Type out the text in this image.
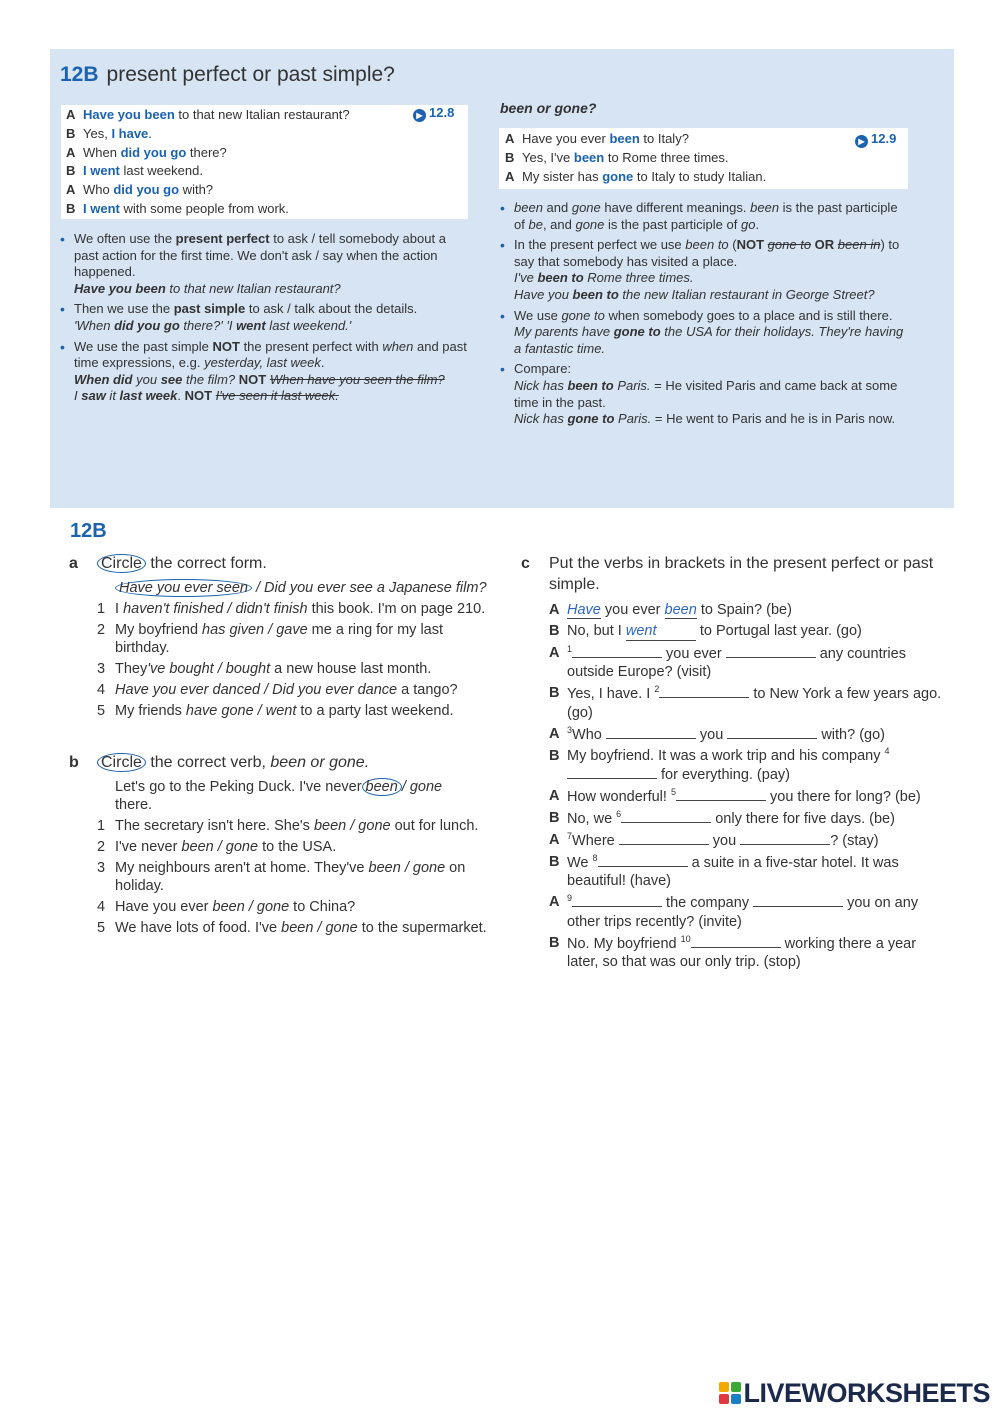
12B present perfect or past simple?
A Have you been to that new Italian restaurant?
B Yes, I have.
A When did you go there?
B I went last weekend.
A Who did you go with?
B I went with some people from work.
▶ 12.8	been or gone?
A Have you ever been to Italy?
B Yes, I've been to Rome three times.
A My sister has gone to Italy to study Italian.
▶ 12.9
• We often use the present perfect to ask / tell somebody about a past action for the first time. We don't ask / say when the action happened.
Have you been to that new Italian restaurant?
• Then we use the past simple to ask / talk about the details.
'When did you go there?' 'I went last weekend.'
• We use the past simple NOT the present perfect with when and past time expressions, e.g. yesterday, last week.
When did you see the film? NOT When have you seen the film?
I saw it last week. NOT I've seen it last week.
• been and gone have different meanings. been is the past participle of be, and gone is the past participle of go.
• In the present perfect we use been to (NOT gone to OR been in) to say that somebody has visited a place.
I've been to Rome three times.
Have you been to the new Italian restaurant in George Street?
• We use gone to when somebody goes to a place and is still there.
My parents have gone to the USA for their holidays. They're having a fantastic time.
• Compare:
Nick has been to Paris. = He visited Paris and came back at some time in the past.
Nick has gone to Paris. = He went to Paris and he is in Paris now.
12B
a Circle the correct form.
Have you ever seen / Did you ever see a Japanese film?
1 I haven't finished / didn't finish this book. I'm on page 210.
2 My boyfriend has given / gave me a ring for my last birthday.
3 They've bought / bought a new house last month.
4 Have you ever danced / Did you ever dance a tango?
5 My friends have gone / went to a party last weekend.
b Circle the correct verb, been or gone.
Let's go to the Peking Duck. I've never been / gone
there.
1 The secretary isn't here. She's been / gone out for lunch.
2 I've never been / gone to the USA.
3 My neighbours aren't at home. They've been / gone on holiday.
4 Have you ever been / gone to China?
5 We have lots of food. I've been / gone to the supermarket.
c Put the verbs in brackets in the present perfect or past simple.
A Have you ever been to Spain? (be)
B No, but I went	to Portugal last year. (go)
A $^1$	you ever	any countries outside Europe? (visit)
B Yes, I have. I $^2$	to New York a few years ago. (go)
A $^3$Who	you	with? (go)
B My boyfriend. It was a work trip and his company $^4$ for everything. (pay)
A How wonderful! $^5$	you there for long? (be)
B No, we $^6$	only there for five days. (be)
A $^7$Where	you	? (stay)
B We $^8$	a suite in a five-star hotel. It was beautiful! (have)
A $^9$	the company	you on any other trips recently? (invite)
B No. My boyfriend $^{10}$	working there a year later, so that was our only trip. (stop)
LIVEWORKSHEETS
